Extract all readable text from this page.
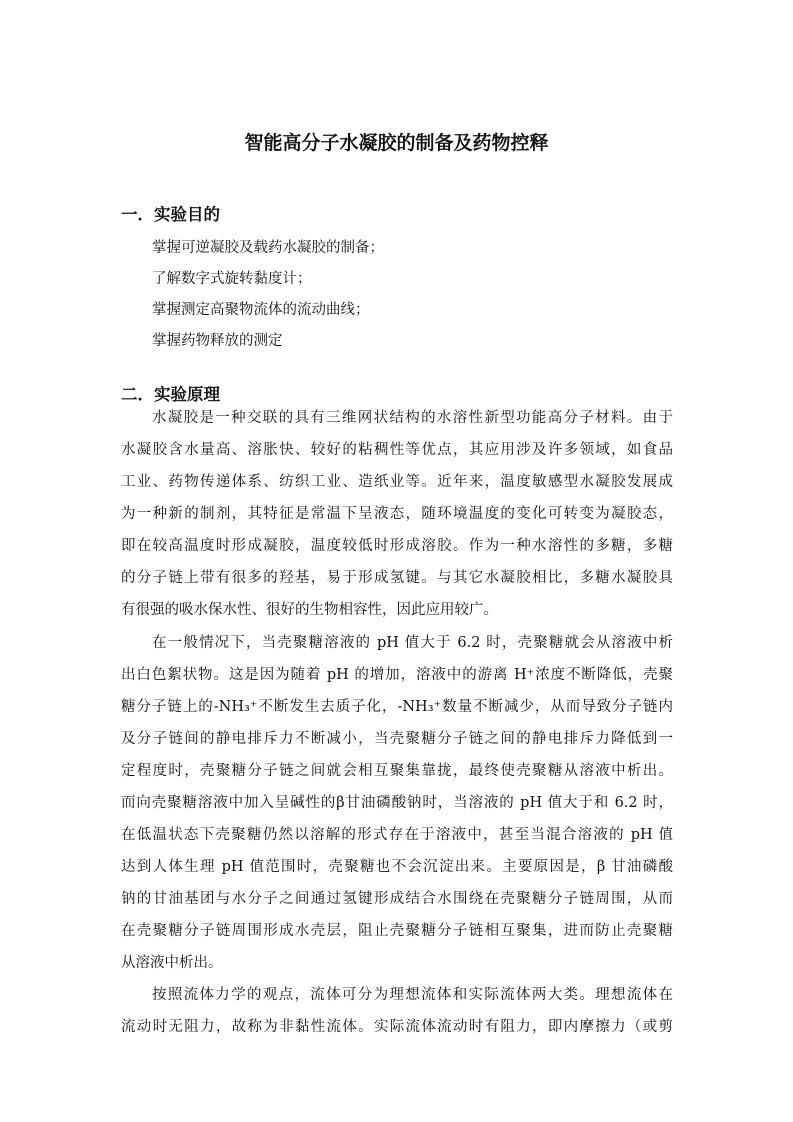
智能高分子水凝胶的制备及药物控释
一．实验目的

掌握可逆凝胶及载药水凝胶的制备；

了解数字式旋转黏度计；

掌握测定高聚物流体的流动曲线；

掌握药物释放的测定

二．实验原理

水凝胶是一种交联的具有三维网状结构的水溶性新型功能高分子材料。由于

水凝胶含水量高、溶胀快、较好的粘稠性等优点，其应用涉及许多领域，如食品

工业、药物传递体系、纺织工业、造纸业等。近年来，温度敏感型水凝胶发展成

为一种新的制剂，其特征是常温下呈液态，随环境温度的变化可转变为凝胶态，

即在较高温度时形成凝胶，温度较低时形成溶胶。作为一种水溶性的多糖，多糖

的分子链上带有很多的羟基，易于形成氢键。与其它水凝胶相比，多糖水凝胶具

有很强的吸水保水性、很好的生物相容性，因此应用较广。

在一般情况下，当壳聚糖溶液的 pH 值大于 6.2 时，壳聚糖就会从溶液中析

出白色絮状物。这是因为随着 pH 的增加，溶液中的游离 H⁺浓度不断降低，壳聚

糖分子链上的-NH₃⁺不断发生去质子化，-NH₃⁺数量不断减少，从而导致分子链内

及分子链间的静电排斥力不断减小，当壳聚糖分子链之间的静电排斥力降低到一

定程度时，壳聚糖分子链之间就会相互聚集靠拢，最终使壳聚糖从溶液中析出。

而向壳聚糖溶液中加入呈碱性的β甘油磷酸钠时，当溶液的 pH 值大于和 6.2 时，

在低温状态下壳聚糖仍然以溶解的形式存在于溶液中，甚至当混合溶液的 pH 值

达到人体生理 pH 值范围时，壳聚糖也不会沉淀出来。主要原因是，β 甘油磷酸

钠的甘油基团与水分子之间通过氢键形成结合水围绕在壳聚糖分子链周围，从而

在壳聚糖分子链周围形成水壳层，阻止壳聚糖分子链相互聚集，进而防止壳聚糖

从溶液中析出。

按照流体力学的观点，流体可分为理想流体和实际流体两大类。理想流体在

流动时无阻力，故称为非黏性流体。实际流体流动时有阻力，即内摩擦力（或剪
